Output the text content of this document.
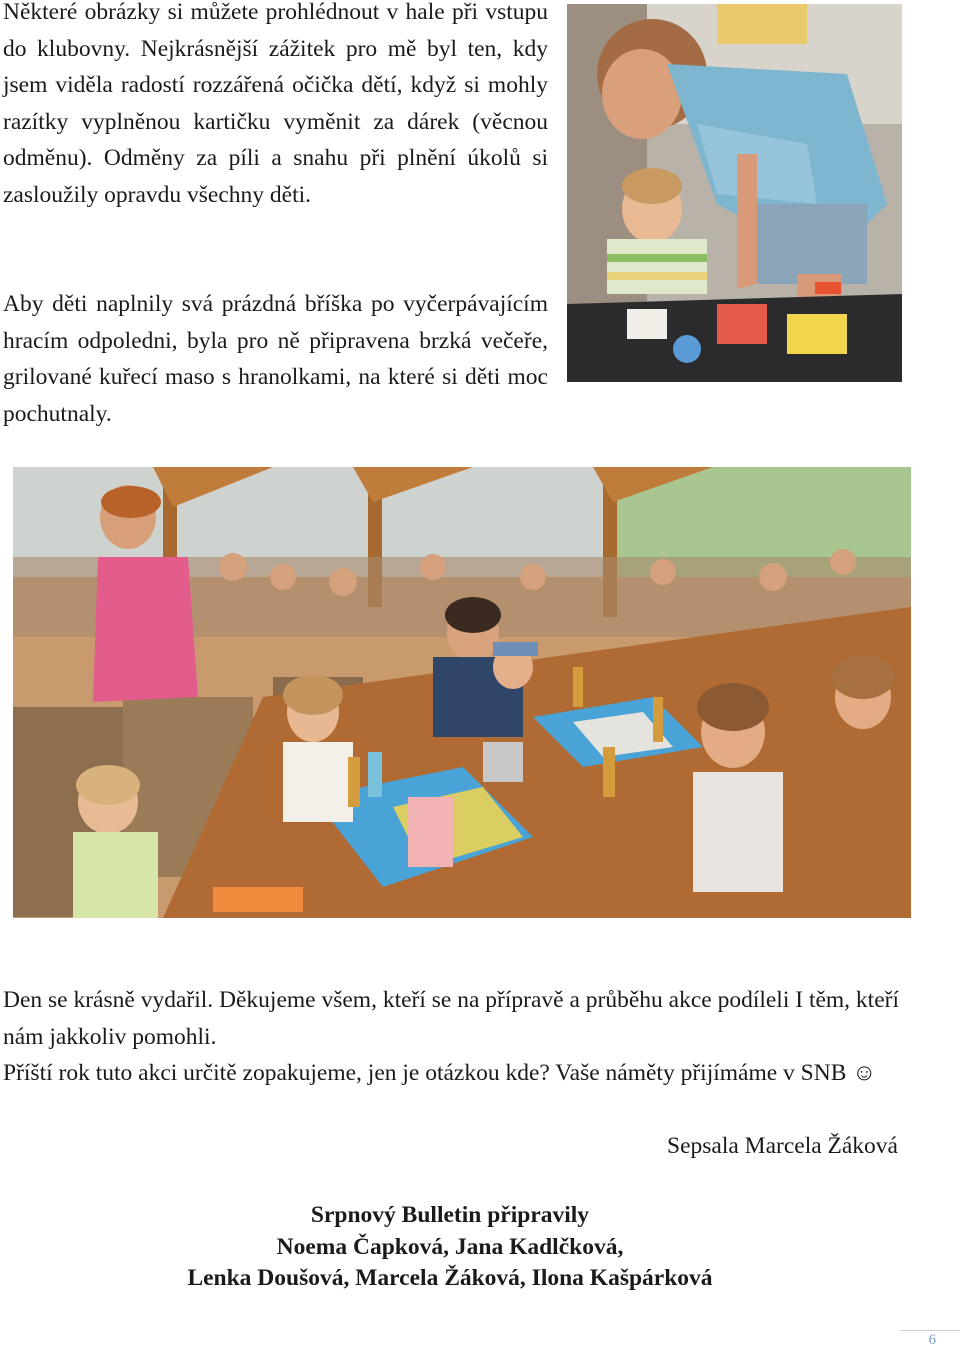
Některé obrázky si můžete prohlédnout v hale při vstupu do klubovny. Nejkrásnější zážitek pro mě byl ten, kdy jsem viděla radostí rozzářená očička dětí, když si mohly razítky vyplněnou kartičku vyměnit za dárek (věcnou odměnu). Odměny za píli a snahu při plnění úkolů si zasloužily opravdu všechny děti.

Aby děti naplnily svá prázdná bříška po vyčerpávajícím hracím odpoledni, byla pro ně připravena brzká večeře, grilované kuřecí maso s hranolkami, na které si děti moc pochutnaly.

Den se krásně vydařil. Děkujeme všem, kteří se na přípravě a průběhu akce podíleli I těm, kteří nám jakkoliv pomohli.

Příští rok tuto akci určitě zopakujeme, jen je otázkou kde? Vaše náměty přijímáme v SNB ☺

Sepsala Marcela Žáková
Srpnový Bulletin připravily
Noema Čapková, Jana Kadlčková,
Lenka Doušová, Marcela Žáková, Ilona Kašpárková
6
